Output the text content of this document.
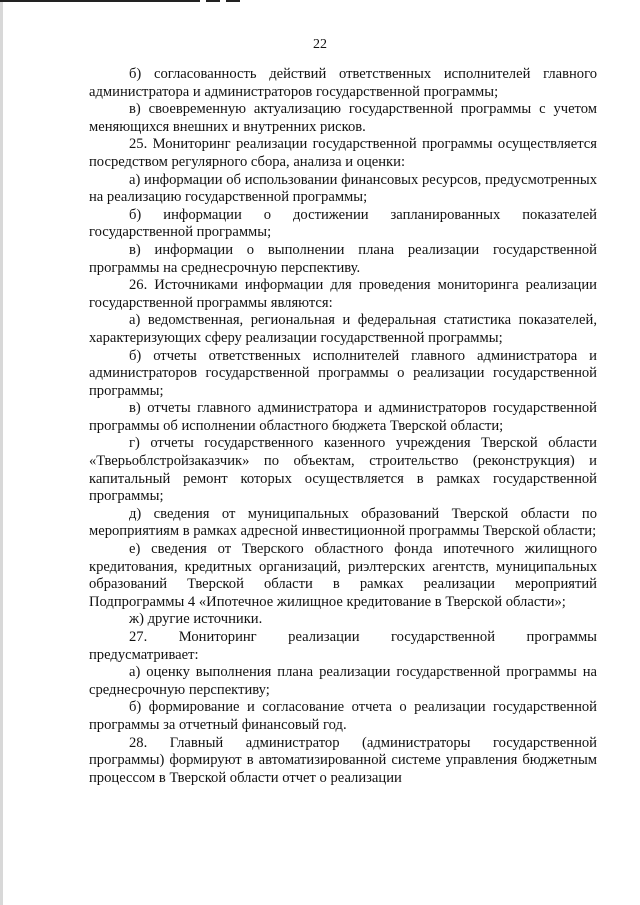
22

б) согласованность действий ответственных исполнителей главного администратора и администраторов государственной программы;

в) своевременную актуализацию государственной программы с учетом меняющихся внешних и внутренних рисков.

25. Мониторинг реализации государственной программы осуществляется посредством регулярного сбора, анализа и оценки:

а) информации об использовании финансовых ресурсов, предусмотренных на реализацию государственной программы;

б) информации о достижении запланированных показателей государственной программы;

в) информации о выполнении плана реализации государственной программы на среднесрочную перспективу.

26. Источниками информации для проведения мониторинга реализации государственной программы являются:

а) ведомственная, региональная и федеральная статистика показателей, характеризующих сферу реализации государственной программы;

б) отчеты ответственных исполнителей главного администратора и администраторов государственной программы о реализации государственной программы;

в) отчеты главного администратора и администраторов государственной программы об исполнении областного бюджета Тверской области;

г) отчеты государственного казенного учреждения Тверской области «Тверьоблстройзаказчик» по объектам, строительство (реконструкция) и капитальный ремонт которых осуществляется в рамках государственной программы;

д) сведения от муниципальных образований Тверской области по мероприятиям в рамках адресной инвестиционной программы Тверской области;

е) сведения от Тверского областного фонда ипотечного жилищного кредитования, кредитных организаций, риэлтерских агентств, муниципальных образований Тверской области в рамках реализации мероприятий Подпрограммы 4 «Ипотечное жилищное кредитование в Тверской области»;

ж) другие источники.

27. Мониторинг реализации государственной программы предусматривает:

а) оценку выполнения плана реализации государственной программы на среднесрочную перспективу;

б) формирование и согласование отчета о реализации государственной программы за отчетный финансовый год.

28. Главный администратор (администраторы государственной программы) формируют в автоматизированной системе управления бюджетным процессом в Тверской области отчет о реализации
